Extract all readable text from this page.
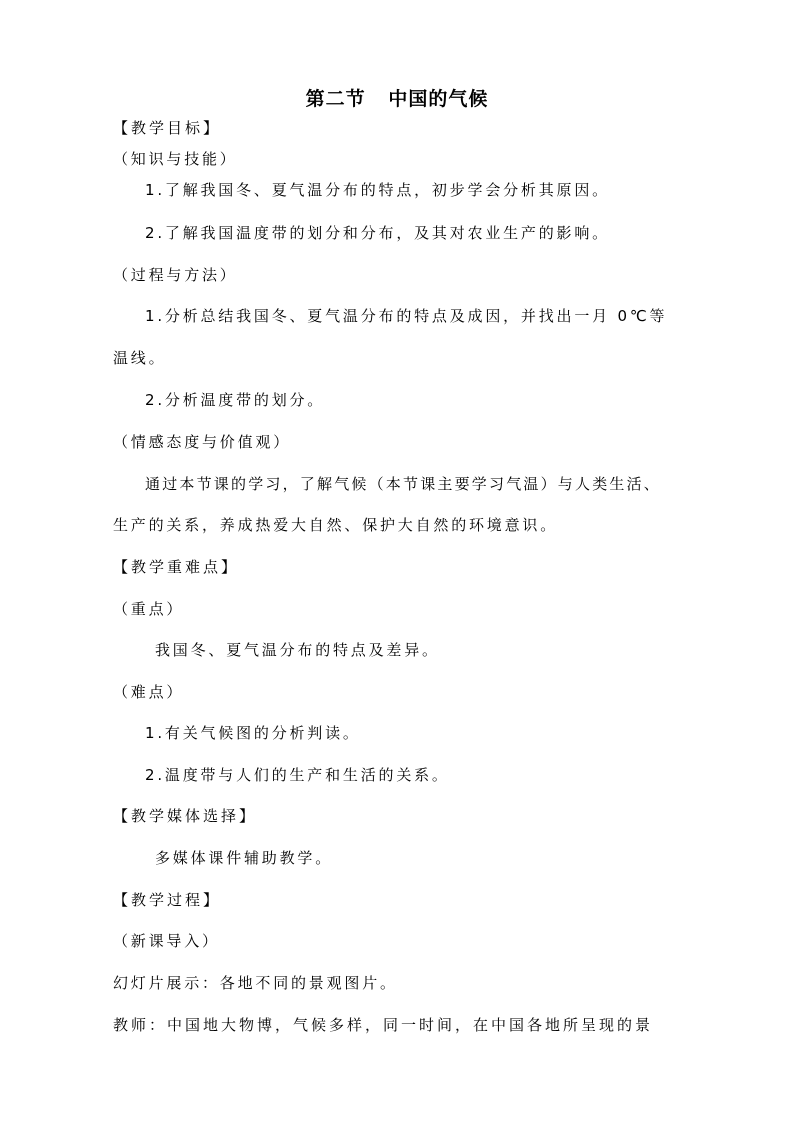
第二节   中国的气候
【教学目标】
（知识与技能）
1.了解我国冬、夏气温分布的特点，初步学会分析其原因。
2.了解我国温度带的划分和分布，及其对农业生产的影响。
（过程与方法）
1.分析总结我国冬、夏气温分布的特点及成因，并找出一月 0℃等
温线。
2.分析温度带的划分。
（情感态度与价值观）
通过本节课的学习，了解气候（本节课主要学习气温）与人类生活、
生产的关系，养成热爱大自然、保护大自然的环境意识。
【教学重难点】
（重点）
我国冬、夏气温分布的特点及差异。
（难点）
1.有关气候图的分析判读。
2.温度带与人们的生产和生活的关系。
【教学媒体选择】
多媒体课件辅助教学。
【教学过程】
（新课导入）
幻灯片展示：各地不同的景观图片。
教师：中国地大物博，气候多样，同一时间，在中国各地所呈现的景
